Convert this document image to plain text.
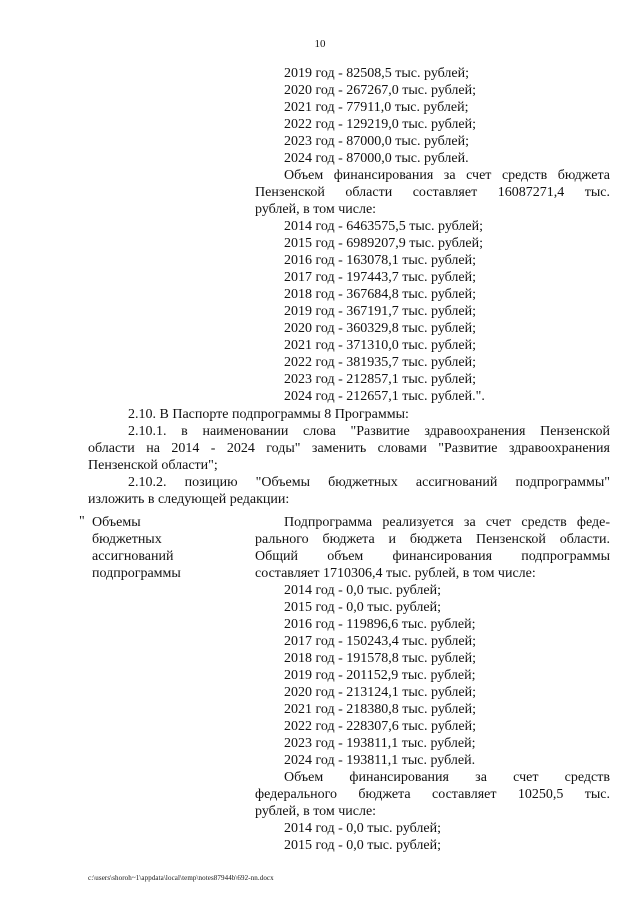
10
2019 год - 82508,5 тыс. рублей;
2020 год - 267267,0 тыс. рублей;
2021 год - 77911,0 тыс. рублей;
2022 год - 129219,0 тыс. рублей;
2023 год - 87000,0 тыс. рублей;
2024 год - 87000,0 тыс. рублей.
Объем финансирования за счет средств бюджета
Пензенской области составляет 16087271,4 тыс.
рублей, в том числе:
2014 год - 6463575,5 тыс. рублей;
2015 год - 6989207,9 тыс. рублей;
2016 год - 163078,1 тыс. рублей;
2017 год - 197443,7 тыс. рублей;
2018 год - 367684,8 тыс. рублей;
2019 год - 367191,7 тыс. рублей;
2020 год - 360329,8 тыс. рублей;
2021 год - 371310,0 тыс. рублей;
2022 год - 381935,7 тыс. рублей;
2023 год - 212857,1 тыс. рублей;
2024 год - 212657,1 тыс. рублей.".
2.10. В Паспорте подпрограммы 8 Программы:
2.10.1. в наименовании слова "Развитие здравоохранения Пензенской
области на 2014 - 2024 годы" заменить словами "Развитие здравоохранения
Пензенской области";
2.10.2. позицию "Объемы бюджетных ассигнований подпрограммы"
изложить в следующей редакции:
" Объемы
бюджетных
ассигнований
подпрограммы
Подпрограмма реализуется за счет средств феде-
рального бюджета и бюджета Пензенской области.
Общий объем финансирования подпрограммы
составляет 1710306,4 тыс. рублей, в том числе:
2014 год - 0,0 тыс. рублей;
2015 год - 0,0 тыс. рублей;
2016 год - 119896,6 тыс. рублей;
2017 год - 150243,4 тыс. рублей;
2018 год - 191578,8 тыс. рублей;
2019 год - 201152,9 тыс. рублей;
2020 год - 213124,1 тыс. рублей;
2021 год - 218380,8 тыс. рублей;
2022 год - 228307,6 тыс. рублей;
2023 год - 193811,1 тыс. рублей;
2024 год - 193811,1 тыс. рублей.
Объем финансирования за счет средств
федерального бюджета составляет 10250,5 тыс.
рублей, в том числе:
2014 год - 0,0 тыс. рублей;
2015 год - 0,0 тыс. рублей;
c:\users\shoroh~1\appdata\local\temp\notes87944b\692-nn.docx
